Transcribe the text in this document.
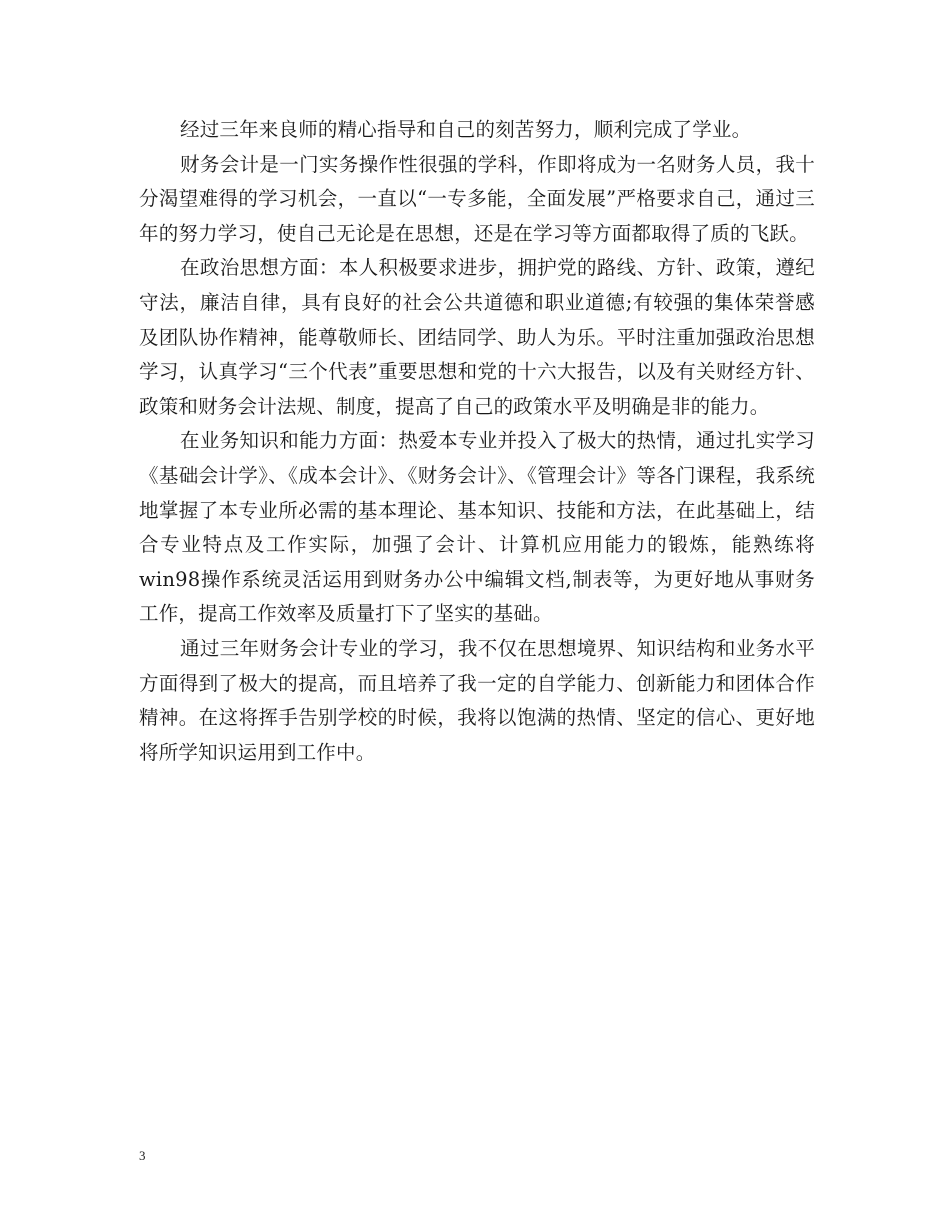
经过三年来良师的精心指导和自己的刻苦努力，顺利完成了学业。

财务会计是一门实务操作性很强的学科，作即将成为一名财务人员，我十分渴望难得的学习机会，一直以“一专多能，全面发展”严格要求自己，通过三年的努力学习，使自己无论是在思想，还是在学习等方面都取得了质的飞跃。

在政治思想方面：本人积极要求进步，拥护党的路线、方针、政策，遵纪守法，廉洁自律，具有良好的社会公共道德和职业道德;有较强的集体荣誉感及团队协作精神，能尊敬师长、团结同学、助人为乐。平时注重加强政治思想学习，认真学习“三个代表”重要思想和党的十六大报告，以及有关财经方针、政策和财务会计法规、制度，提高了自己的政策水平及明确是非的能力。

在业务知识和能力方面：热爱本专业并投入了极大的热情，通过扎实学习《基础会计学》、《成本会计》、《财务会计》、《管理会计》等各门课程，我系统地掌握了本专业所必需的基本理论、基本知识、技能和方法，在此基础上，结合专业特点及工作实际，加强了会计、计算机应用能力的锻炼，能熟练将win98操作系统灵活运用到财务办公中编辑文档,制表等，为更好地从事财务工作，提高工作效率及质量打下了坚实的基础。

通过三年财务会计专业的学习，我不仅在思想境界、知识结构和业务水平方面得到了极大的提高，而且培养了我一定的自学能力、创新能力和团体合作精神。在这将挥手告别学校的时候，我将以饱满的热情、坚定的信心、更好地将所学知识运用到工作中。

3
